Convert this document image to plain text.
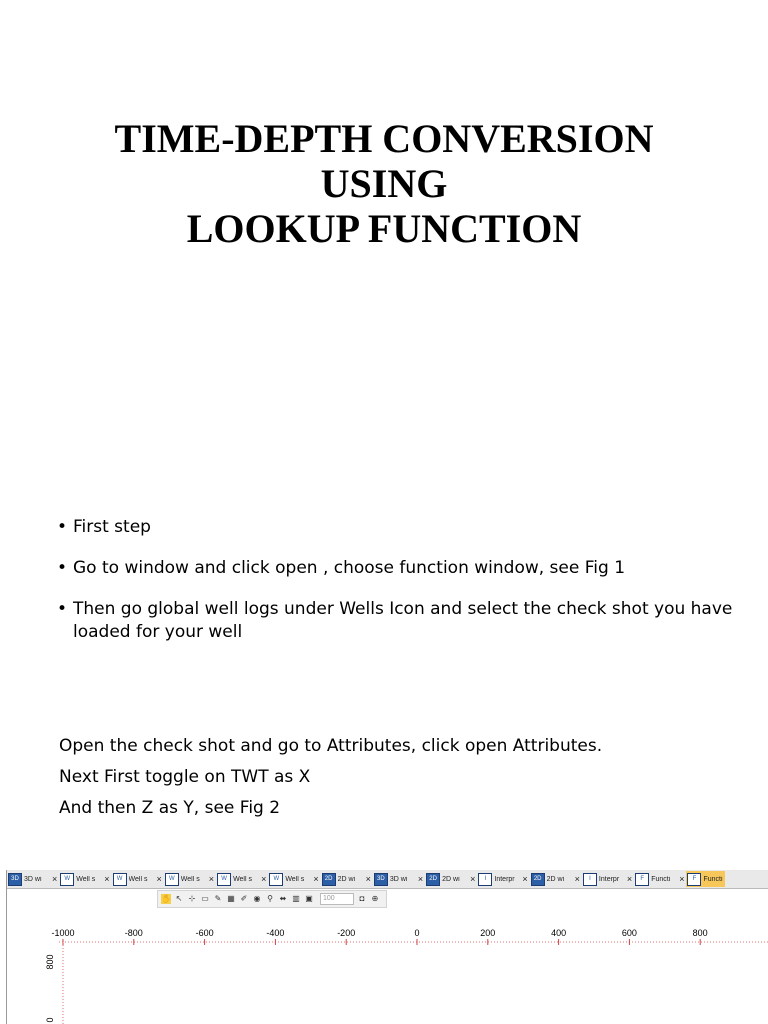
TIME-DEPTH CONVERSION
USING
LOOKUP FUNCTION
• First step
• Go to window and click open , choose function window, see Fig 1
• Then go global well logs under Wells Icon and select the check shot you have loaded for your well
Open the check shot and go to Attributes, click open Attributes.
Next First toggle on TWT as X
And then Z as Y, see Fig 2
3D 3D wi	×	W Well s	×	W Well s	×	W Well s	×	W Well s	×	W Well s	×	2D 2D wi	×	3D 3D wi	×	2D 2D wi	×	I	Interpr ×	2D 2D wi	×	I	Interpr ×	F	Functi ×	F	Functi
✋ ↖ ⊹ ▭ ✎ ▦ ✐ ◉ ⚲ ⬌ ▥ ▣	100	◘ ⊕
-1000	-800	-600	-400	-200	0	200	400	600	800
800
0
